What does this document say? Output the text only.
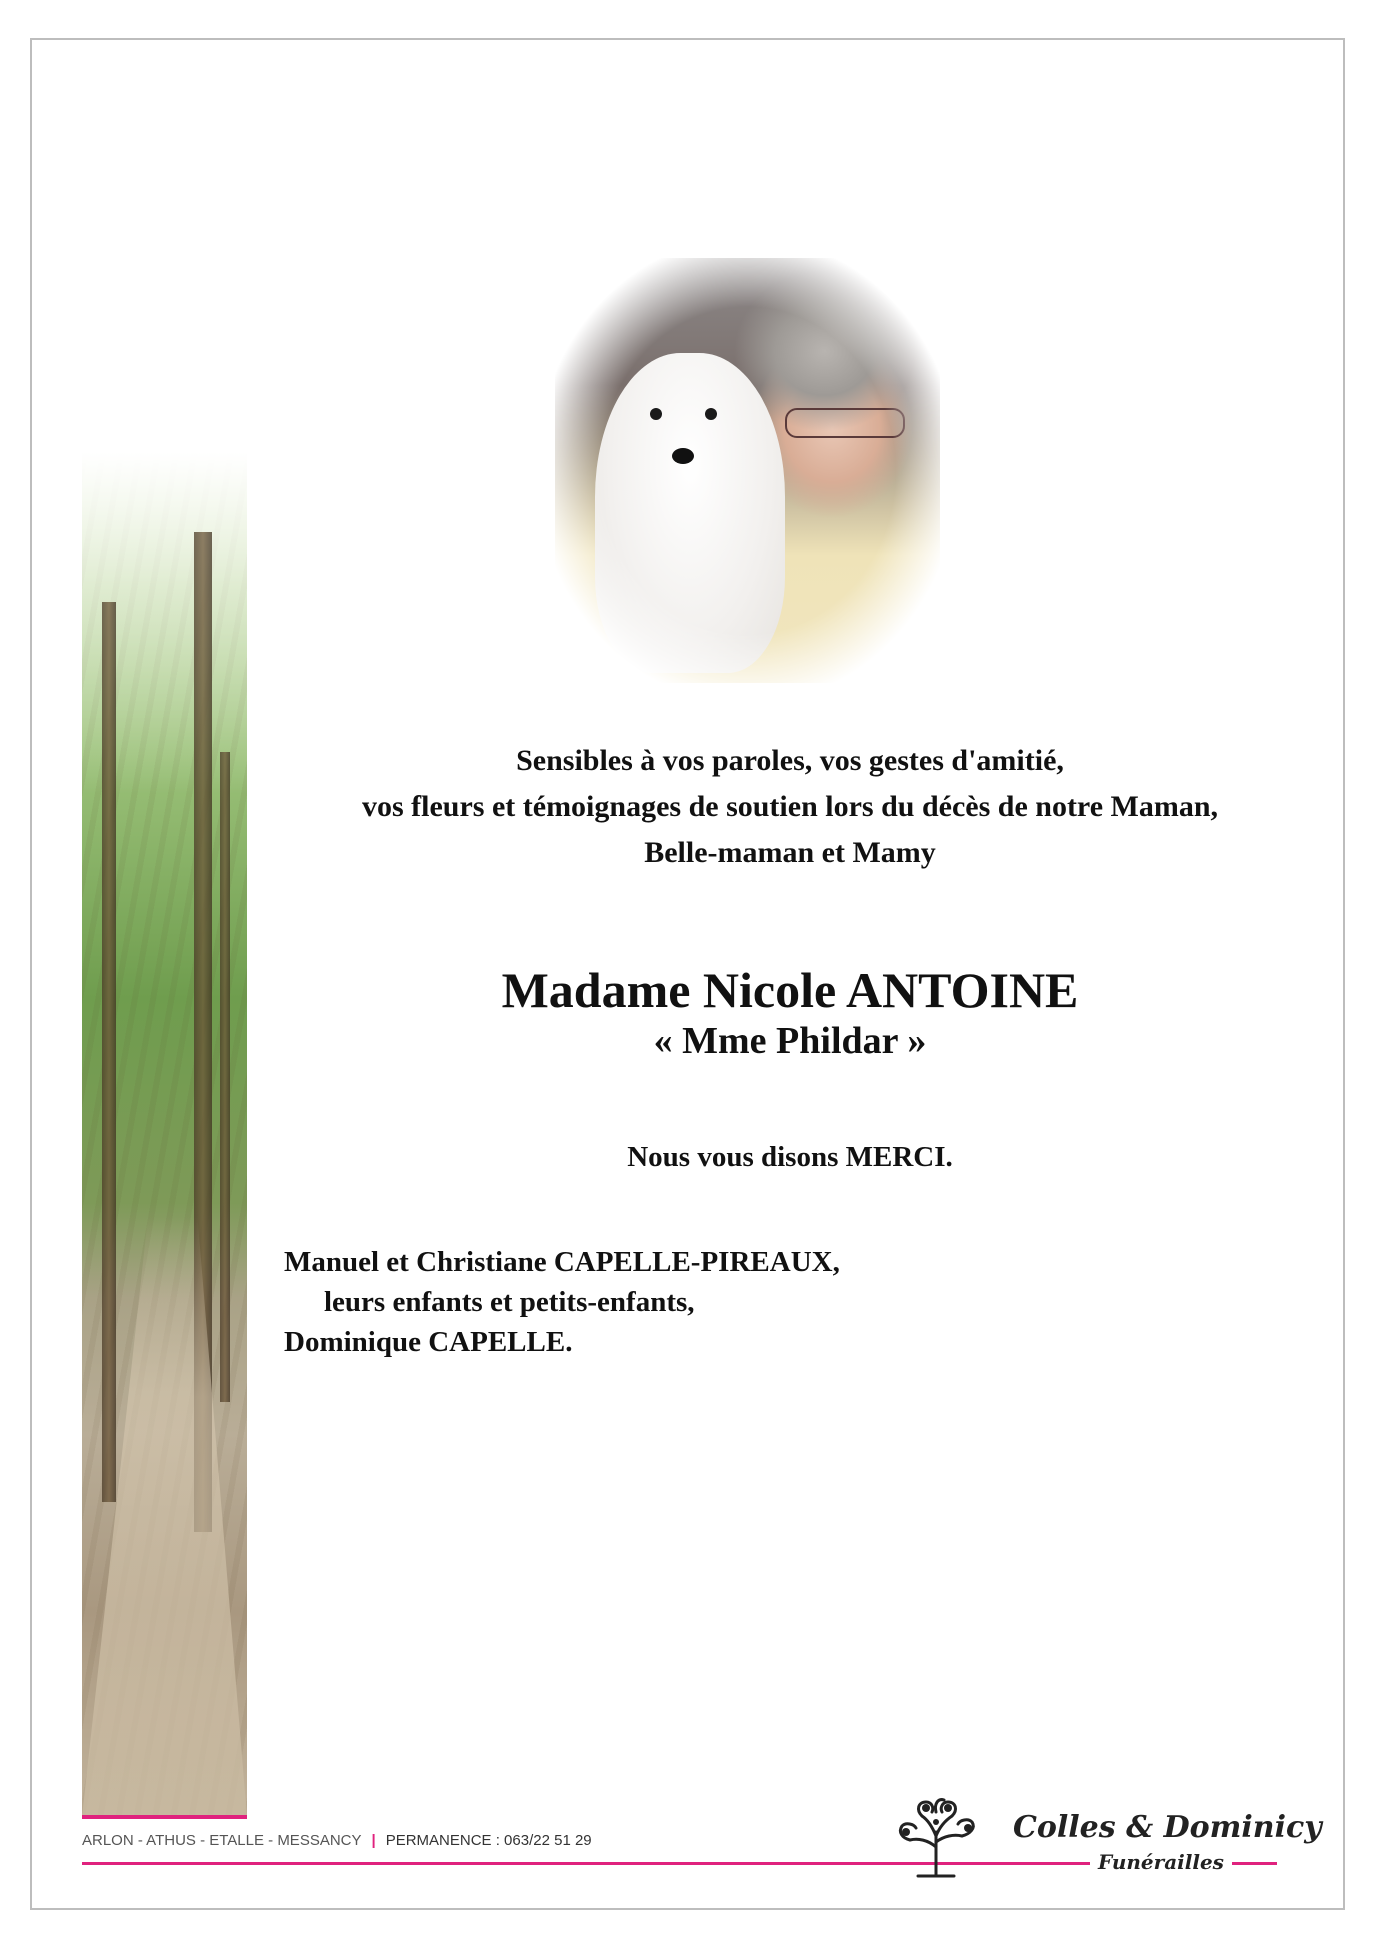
Sensibles à vos paroles, vos gestes d'amitié,
vos fleurs et témoignages de soutien lors du décès de notre Maman,
Belle-maman et Mamy
Madame Nicole ANTOINE
« Mme Phildar »
Nous vous disons MERCI.
Manuel et Christiane CAPELLE-PIREAUX,
leurs enfants et petits-enfants,
Dominique CAPELLE.
ARLON - ATHUS - ETALLE - MESSANCY | PERMANENCE : 063/22 51 29	Colles & Dominicy
Funérailles
